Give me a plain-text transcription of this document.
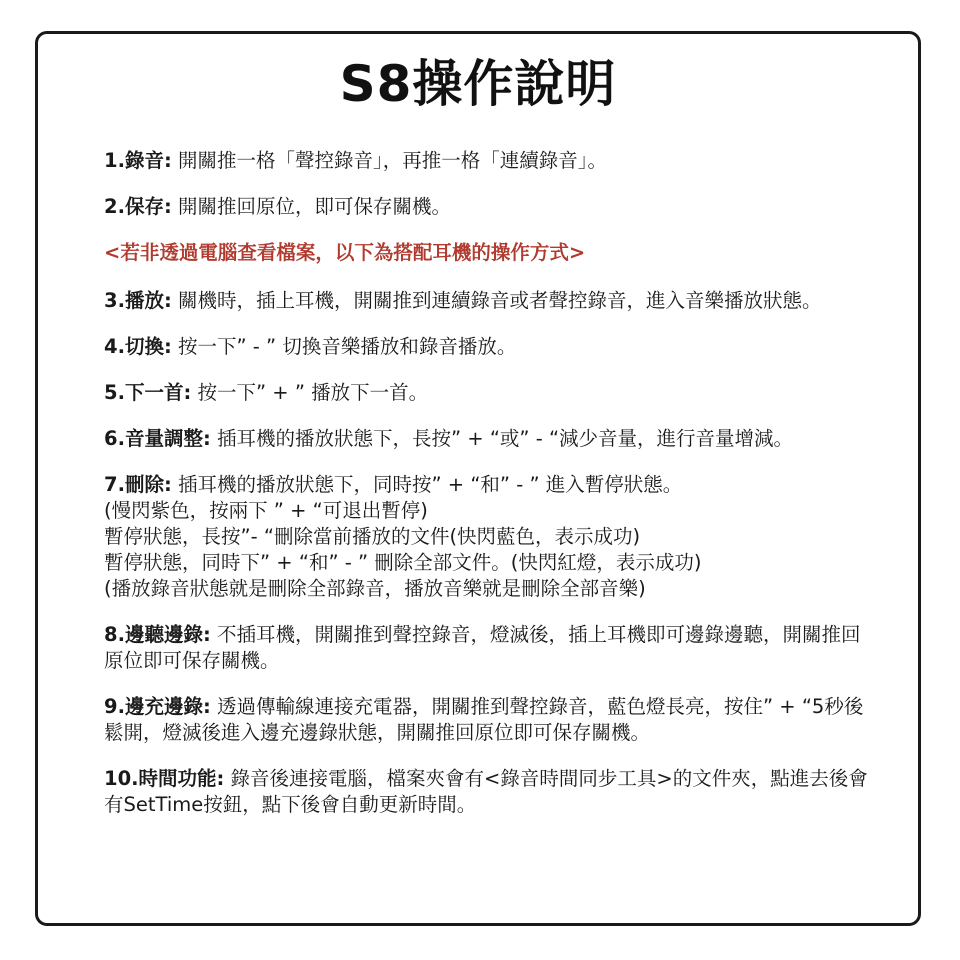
S8操作說明

1.錄音: 開關推一格「聲控錄音」，再推一格「連續錄音」。

2.保存: 開關推回原位，即可保存關機。

<若非透過電腦查看檔案，以下為搭配耳機的操作方式>

3.播放: 關機時，插上耳機，開關推到連續錄音或者聲控錄音，進入音樂播放狀態。

4.切換: 按一下” - ” 切換音樂播放和錄音播放。

5.下一首: 按一下” + ” 播放下一首。

6.音量調整: 插耳機的播放狀態下，長按” + “或” - “減少音量，進行音量增減。

7.刪除: 插耳機的播放狀態下，同時按” + “和” - ” 進入暫停狀態。
(慢閃紫色，按兩下 ” + “可退出暫停)
暫停狀態，長按”- “刪除當前播放的文件(快閃藍色，表示成功)
暫停狀態，同時下” + “和” - ” 刪除全部文件。(快閃紅燈，表示成功)
(播放錄音狀態就是刪除全部錄音，播放音樂就是刪除全部音樂)

8.邊聽邊錄: 不插耳機，開關推到聲控錄音，燈滅後，插上耳機即可邊錄邊聽，開關推回原位即可保存關機。

9.邊充邊錄: 透過傳輸線連接充電器，開關推到聲控錄音，藍色燈長亮，按住” + “5秒後鬆開，燈滅後進入邊充邊錄狀態，開關推回原位即可保存關機。

10.時間功能: 錄音後連接電腦，檔案夾會有<錄音時間同步工具>的文件夾，點進去後會有SetTime按鈕，點下後會自動更新時間。
